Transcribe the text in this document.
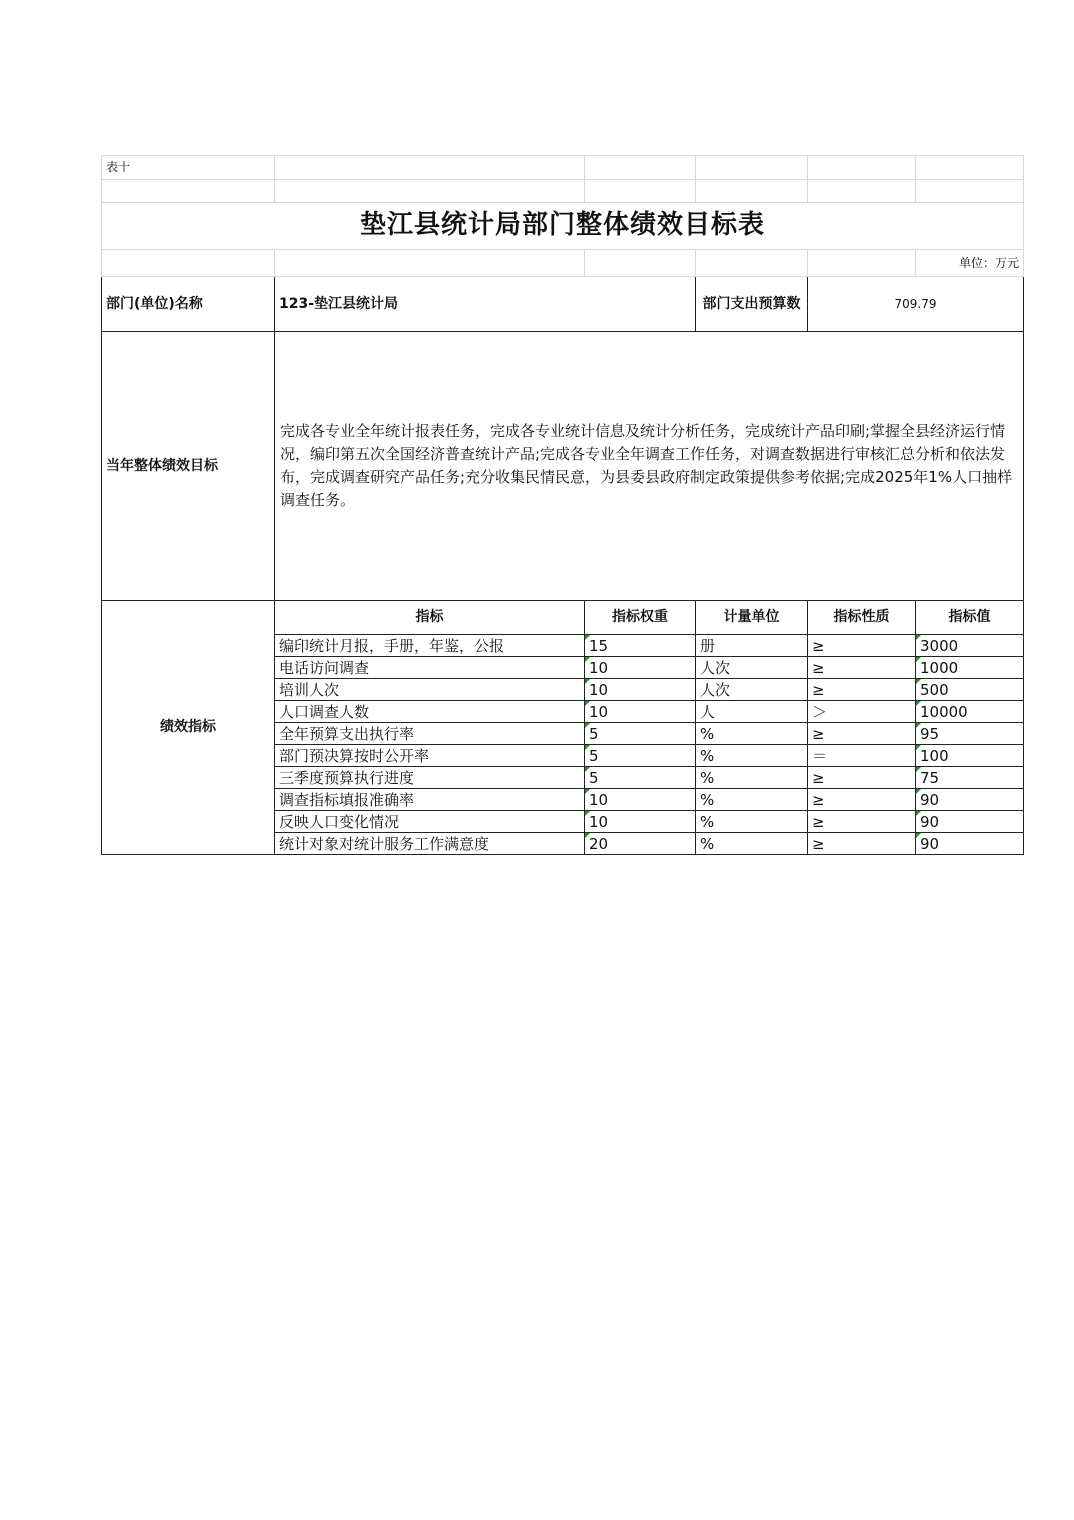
表十					

垫江县统计局部门整体绩效目标表					
					单位：万元
部门(单位)名称	123-垫江县统计局		部门支出预算数	709.79	
当年整体绩效目标	完成各专业全年统计报表任务，完成各专业统计信息及统计分析任务，完成统计产品印刷;掌握全县经济运行情况，编印第五次全国经济普查统计产品;完成各专业全年调查工作任务，对调查数据进行审核汇总分析和依法发布，完成调查研究产品任务;充分收集民情民意，为县委县政府制定政策提供参考依据;完成2025年1%人口抽样调查任务。				
绩效指标	指标	指标权重	计量单位	指标性质	指标值
	编印统计月报，手册，年鉴，公报	15	册	≥	3000
	电话访问调查	10	人次	≥	1000
	培训人次	10	人次	≥	500
	人口调查人数	10	人	＞	10000
	全年预算支出执行率	5	%	≥	95
	部门预决算按时公开率	5	%	＝	100
	三季度预算执行进度	5	%	≥	75
	调查指标填报准确率	10	%	≥	90
	反映人口变化情况	10	%	≥	90
	统计对象对统计服务工作满意度	20	%	≥	90
